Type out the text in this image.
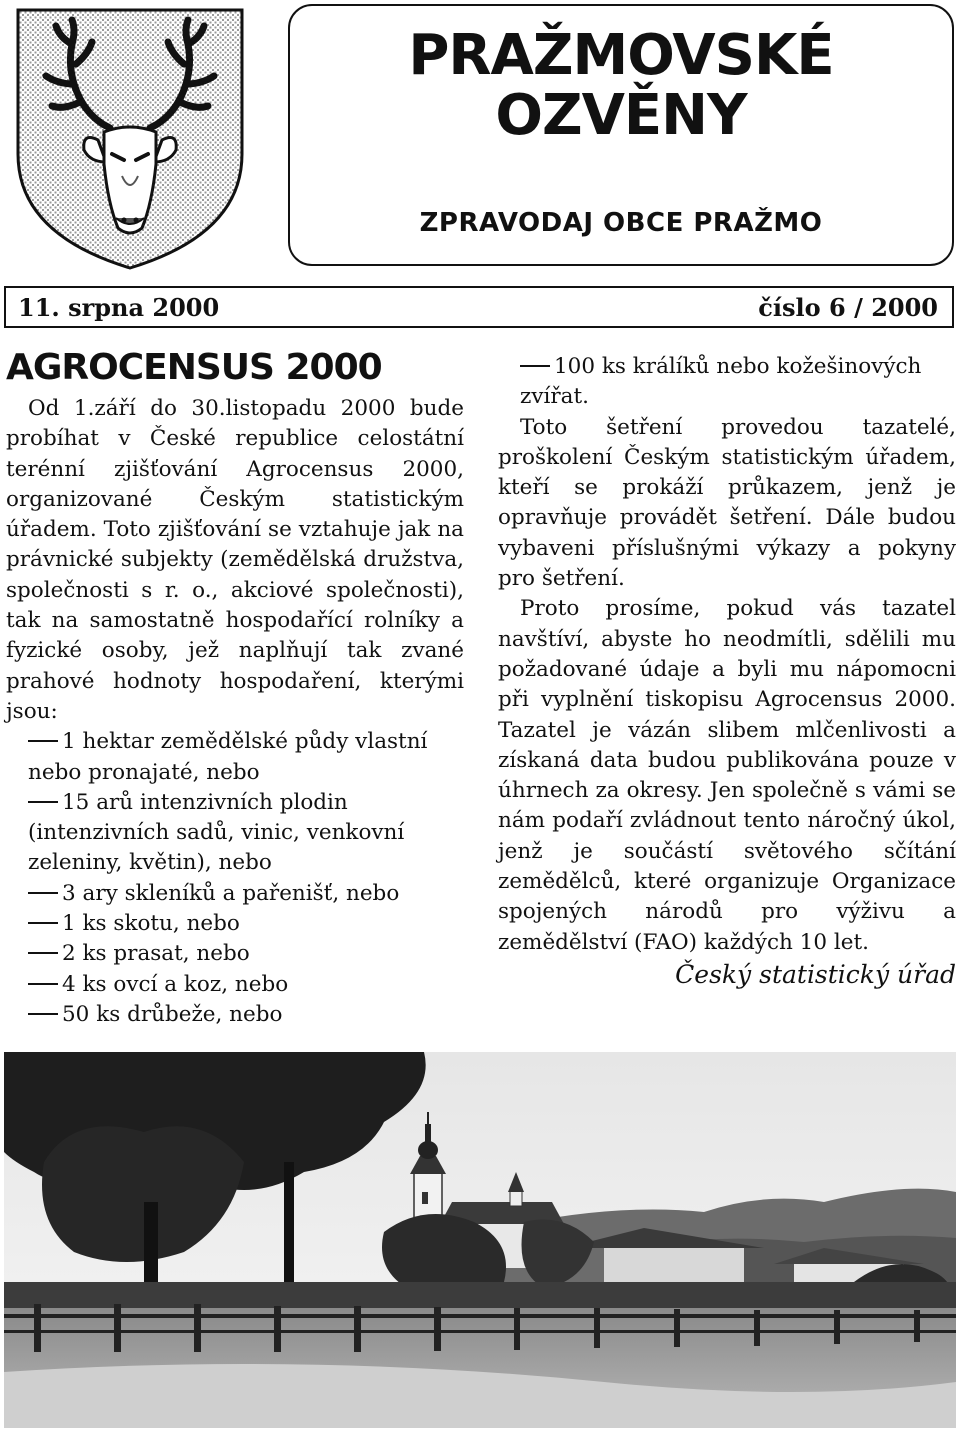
PRAŽMOVSKÉ
OZVĚNY
ZPRAVODAJ OBCE PRAŽMO
11. srpna 2000	číslo 6 / 2000
AGROCENSUS 2000

Od 1.září do 30.listopadu 2000 bude probíhat v České republice celostátní terénní zjišťování Agrocensus 2000, organizované Českým statistickým úřadem. Toto zjišťování se vztahuje jak na právnické subjekty (zemědělská družstva, společnosti s r. o., akciové společnosti), tak na samostatně hospodařící rolníky a fyzické osoby, jež naplňují tak zvané prahové hodnoty hospodaření, kterými jsou:

1 hektar zemědělské půdy vlastní nebo pronajaté, nebo

15 arů intenzivních plodin (intenzivních sadů, vinic, venkovní zeleniny, květin), nebo

3 ary skleníků a pařenišť, nebo

1 ks skotu, nebo

2 ks prasat, nebo

4 ks ovcí a koz, nebo

50 ks drůbeže, nebo

100 ks králíků nebo kožešinových zvířat.

Toto šetření provedou tazatelé, proškolení Českým statistickým úřadem, kteří se prokáží průkazem, jenž je opravňuje provádět šetření. Dále budou vybaveni příslušnými výkazy a pokyny pro šetření.

Proto prosíme, pokud vás tazatel navštíví, abyste ho neodmítli, sdělili mu požadované údaje a byli mu nápomocni při vyplnění tiskopisu Agrocensus 2000. Tazatel je vázán slibem mlčenlivosti a získaná data budou publikována pouze v úhrnech za okresy. Jen společně s vámi se nám podaří zvládnout tento náročný úkol, jenž je součástí světového sčítání zemědělců, které organizuje Organizace spojených národů pro výživu a zemědělství (FAO) každých 10 let.

Český statistický úřad
